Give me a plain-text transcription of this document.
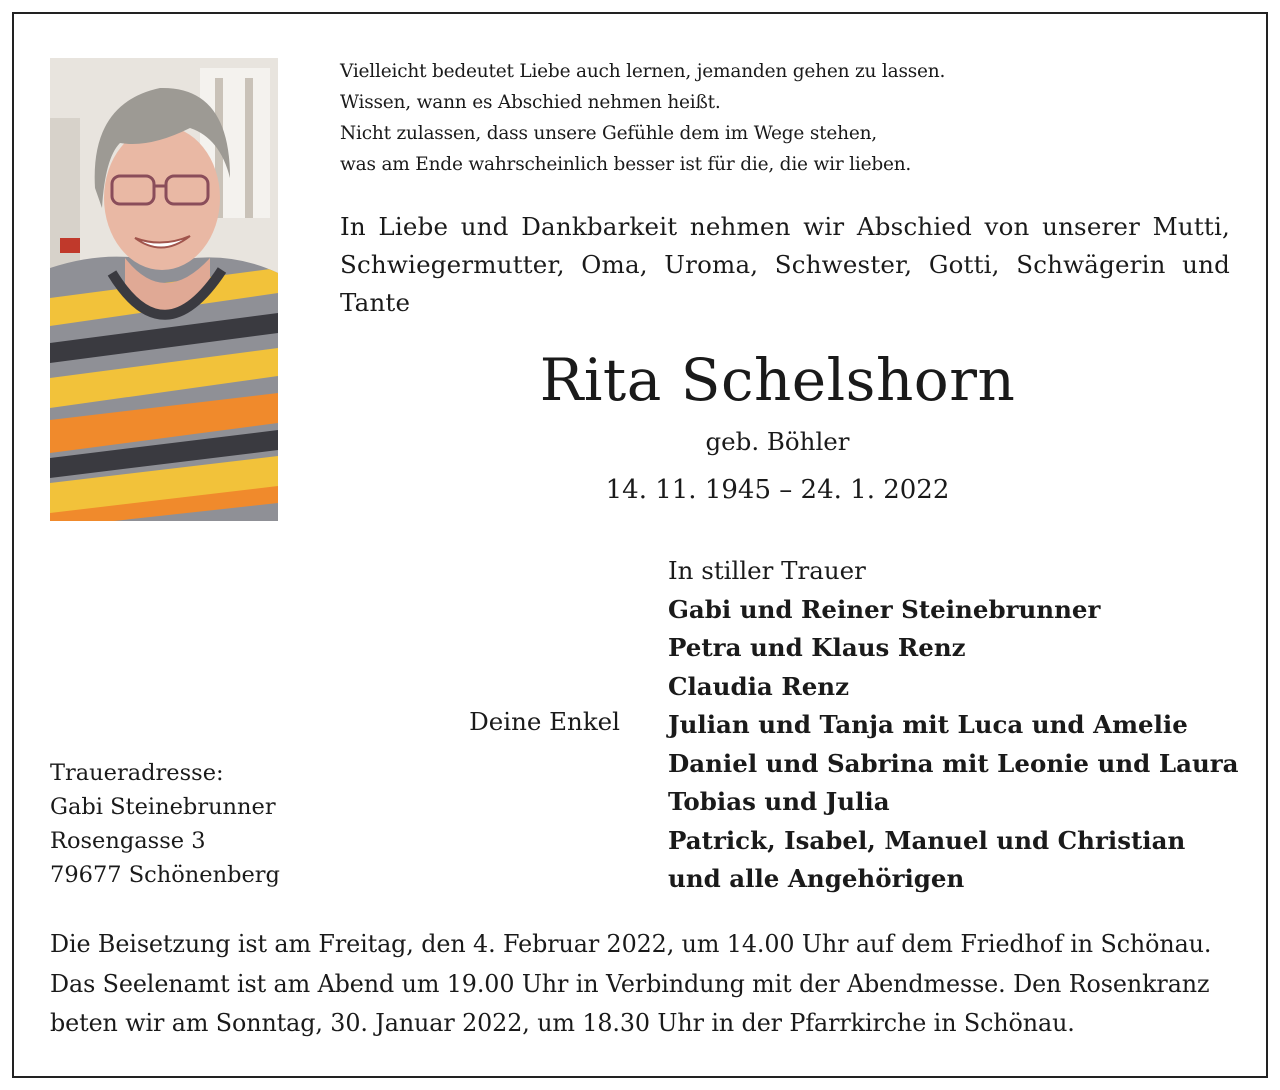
Vielleicht bedeutet Liebe auch lernen, jemanden gehen zu lassen.
Wissen, wann es Abschied nehmen heißt.
Nicht zulassen, dass unsere Gefühle dem im Wege stehen,
was am Ende wahrscheinlich besser ist für die, die wir lieben.
In Liebe und Dankbarkeit nehmen wir Abschied von unserer Mutti, Schwiegermutter, Oma, Uroma, Schwester, Gotti, Schwägerin und Tante
Rita Schelshorn
geb. Böhler
14. 11. 1945 – 24. 1. 2022
In stiller Trauer
Gabi und Reiner Steinebrunner
Petra und Klaus Renz
Claudia Renz
Julian und Tanja mit Luca und Amelie
Daniel und Sabrina mit Leonie und Laura
Tobias und Julia
Patrick, Isabel, Manuel und Christian
und alle Angehörigen
Deine Enkel
Traueradresse:
Gabi Steinebrunner
Rosengasse 3
79677 Schönenberg
Die Beisetzung ist am Freitag, den 4. Februar 2022, um 14.00 Uhr auf dem Friedhof in Schönau.
Das Seelenamt ist am Abend um 19.00 Uhr in Verbindung mit der Abendmesse. Den Rosenkranz
beten wir am Sonntag, 30. Januar 2022, um 18.30 Uhr in der Pfarrkirche in Schönau.
